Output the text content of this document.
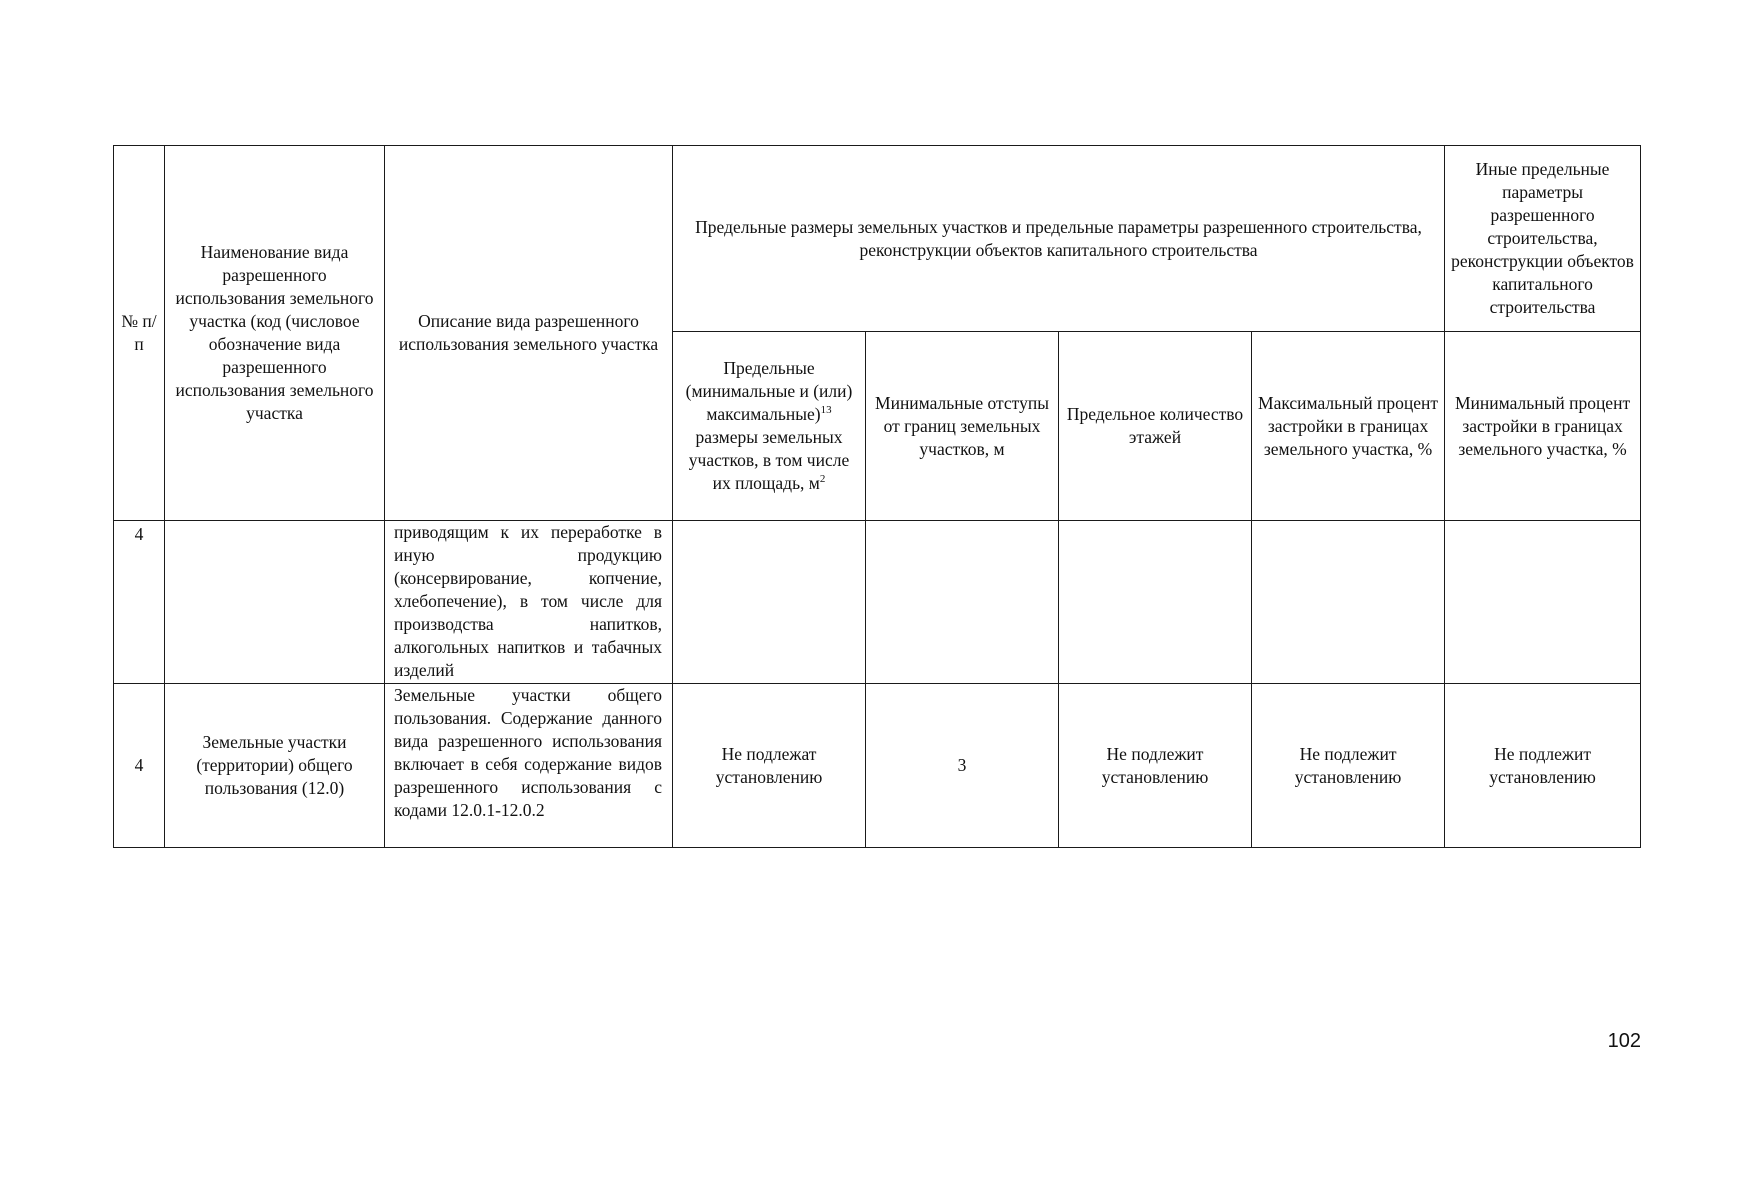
№ п/п	Наименование вида разрешенного использования земельного участка (код (числовое обозначение вида разрешенного использования земельного участка	Описание вида разрешенного использования земельного участка	Предельные размеры земельных участков и предельные параметры разрешенного строительства, реконструкции объектов капитального строительства				Иные предельные параметры разрешенного строительства, реконструкции объектов капитального строительства
			Предельные (минимальные и (или) максимальные)$^{13}$ размеры земельных участков, в том числе их площадь, $м^2$	Минимальные отступы от границ земельных участков, м	Предельное количество этажей	Максимальный процент застройки в границах земельного участка, %	Минимальный процент застройки в границах земельного участка, %
4		приводящим к их переработке в иную продукцию (консервирование, копчение, хлебопечение), в том числе для производства напитков, алкогольных напитков и табачных изделий					
4	Земельные участки (территории) общего пользования (12.0)	Земельные участки общего пользования. Содержание данного вида разрешенного использования включает в себя содержание видов разрешенного использования с кодами 12.0.1-12.0.2	Не подлежат установлению	3	Не подлежит установлению	Не подлежит установлению	Не подлежит установлению
102
